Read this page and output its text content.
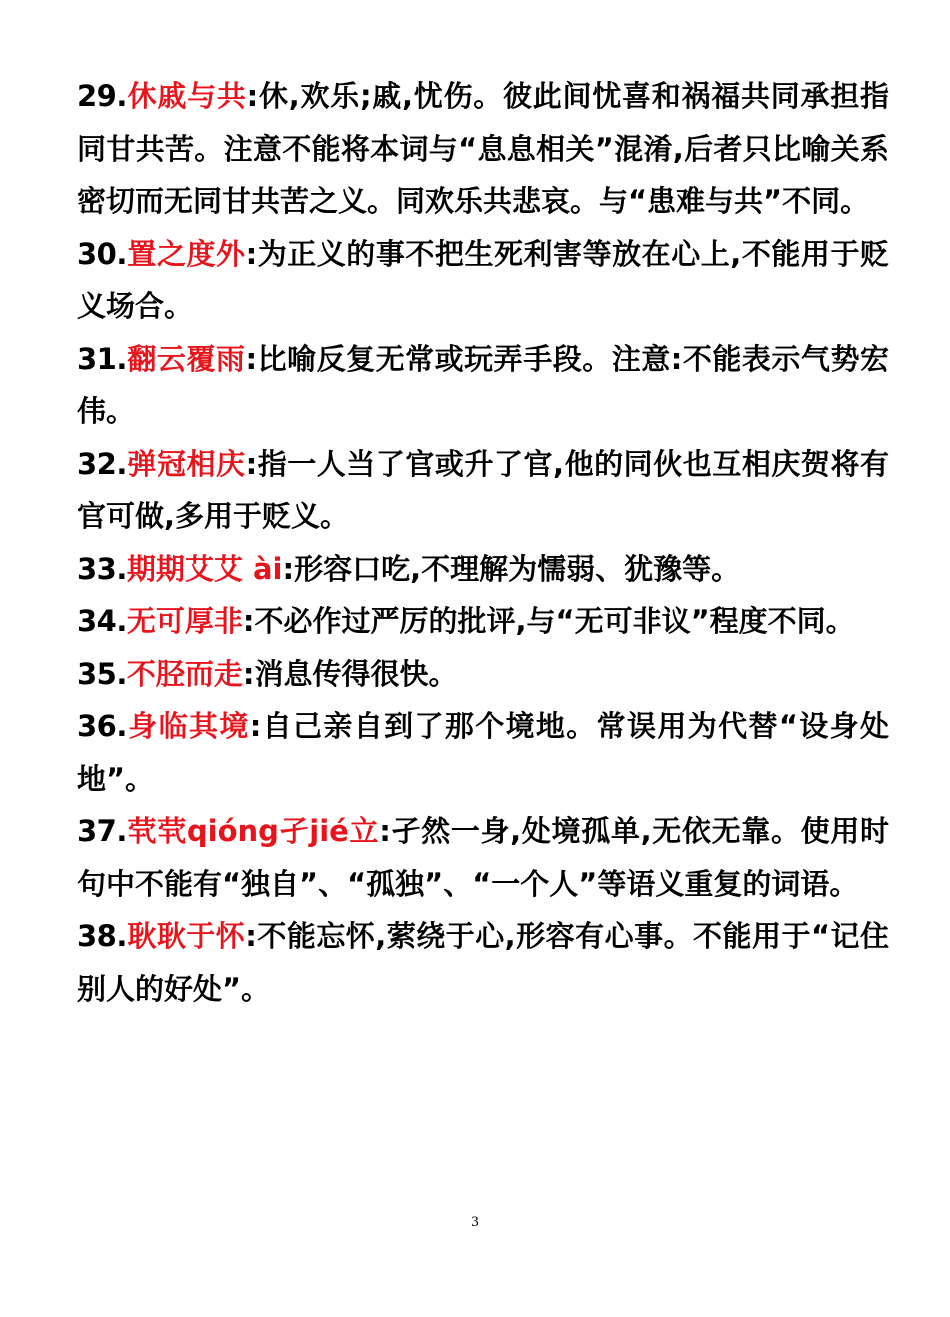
29.休戚与共:休,欢乐;戚,忧伤。彼此间忧喜和祸福共同承担指同甘共苦。注意不能将本词与“息息相关”混淆,后者只比喻关系密切而无同甘共苦之义。同欢乐共悲哀。与“患难与共”不同。

30.置之度外:为正义的事不把生死利害等放在心上,不能用于贬义场合。

31.翻云覆雨:比喻反复无常或玩弄手段。注意:不能表示气势宏伟。

32.弹冠相庆:指一人当了官或升了官,他的同伙也互相庆贺将有官可做,多用于贬义。

33.期期艾艾 ài:形容口吃,不理解为懦弱、犹豫等。

34.无可厚非:不必作过严厉的批评,与“无可非议”程度不同。

35.不胫而走:消息传得很快。

36.身临其境:自己亲自到了那个境地。常误用为代替“设身处地”。

37.茕茕qióng孑jié立:孑然一身,处境孤单,无依无靠。使用时句中不能有“独自”、“孤独”、“一个人”等语义重复的词语。

38.耿耿于怀:不能忘怀,萦绕于心,形容有心事。不能用于“记住别人的好处”。

3
